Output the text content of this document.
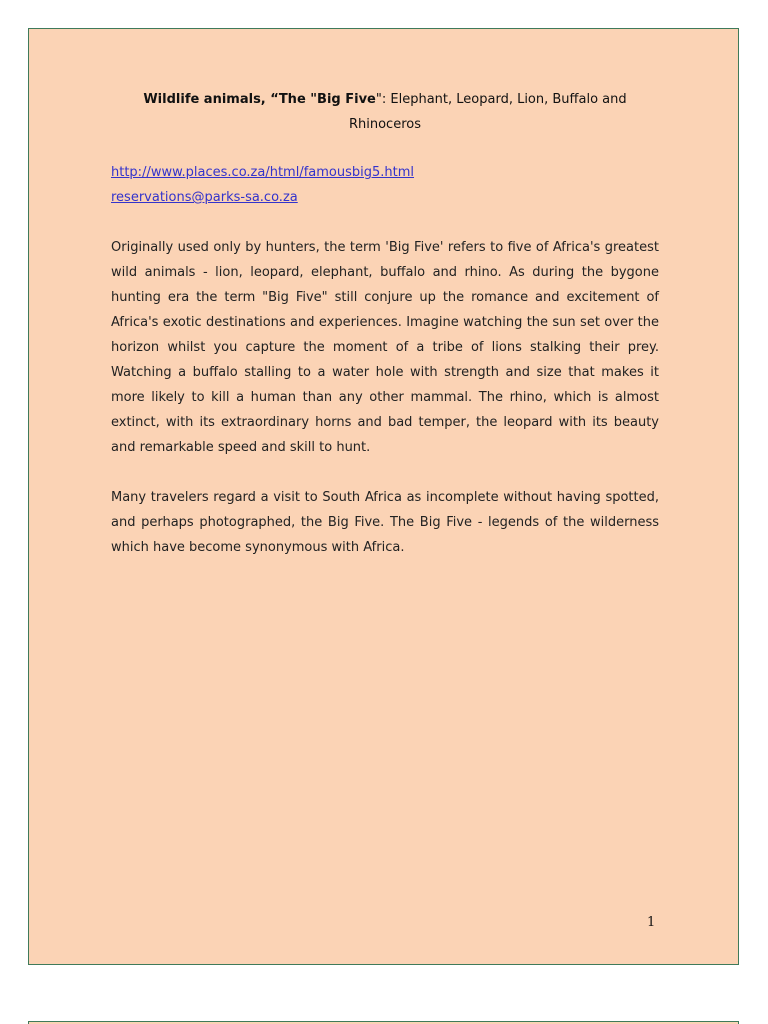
Wildlife animals, “The "Big Five": Elephant, Leopard, Lion, Buffalo and Rhinoceros
http://www.places.co.za/html/famousbig5.html
reservations@parks-sa.co.za

Originally used only by hunters, the term 'Big Five' refers to five of Africa's greatest wild animals - lion, leopard, elephant, buffalo and rhino. As during the bygone hunting era the term "Big Five" still conjure up the romance and excitement of Africa's exotic destinations and experiences. Imagine watching the sun set over the horizon whilst you capture the moment of a tribe of lions stalking their prey. Watching a buffalo stalling to a water hole with strength and size that makes it more likely to kill a human than any other mammal. The rhino, which is almost extinct, with its extraordinary horns and bad temper, the leopard with its beauty and remarkable speed and skill to hunt.

Many travelers regard a visit to South Africa as incomplete without having spotted, and perhaps photographed, the Big Five. The Big Five - legends of the wilderness which have become synonymous with Africa.

1
